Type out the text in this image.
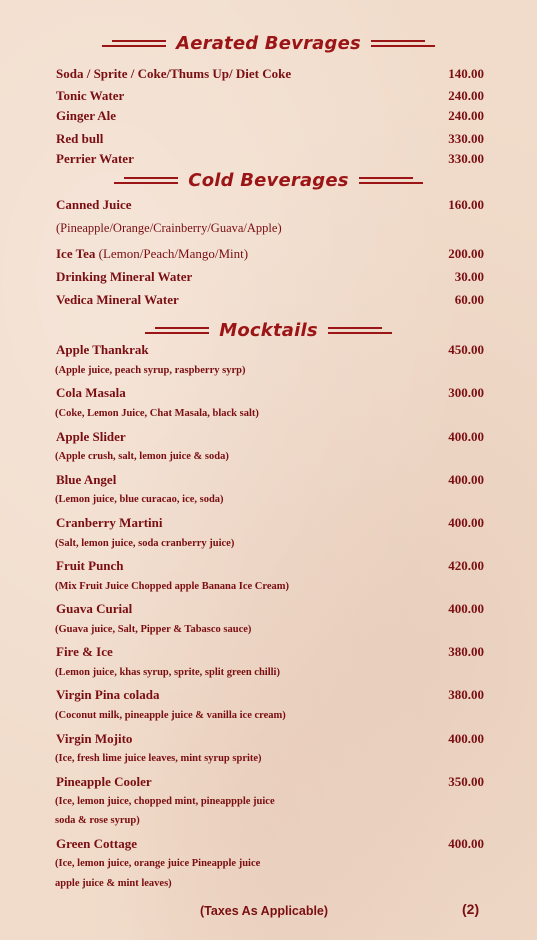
Aerated Bevrages
Soda / Sprite / Coke/Thums Up/ Diet Coke	140.00
Tonic Water	240.00
Ginger Ale	240.00
Red bull	330.00
Perrier Water	330.00
Cold Beverages
Canned Juice	160.00
(Pineapple/Orange/Crainberry/Guava/Apple)
Ice Tea (Lemon/Peach/Mango/Mint)	200.00
Drinking Mineral Water	30.00
Vedica Mineral Water	60.00
Mocktails
Apple Thankrak	450.00
(Apple juice, peach syrup, raspberry syrp)
Cola Masala	300.00
(Coke, Lemon Juice, Chat Masala, black salt)
Apple Slider	400.00
(Apple crush, salt, lemon juice & soda)
Blue Angel	400.00
(Lemon juice, blue curacao, ice, soda)
Cranberry Martini	400.00
(Salt, lemon juice, soda cranberry juice)
Fruit Punch	420.00
(Mix Fruit Juice Chopped apple Banana Ice Cream)
Guava Curial	400.00
(Guava juice, Salt, Pipper & Tabasco sauce)
Fire & Ice	380.00
(Lemon juice, khas syrup, sprite, split green chilli)
Virgin Pina colada	380.00
(Coconut milk, pineapple juice & vanilla ice cream)
Virgin Mojito	400.00
(Ice, fresh lime juice leaves, mint syrup sprite)
Pineapple Cooler	350.00
(Ice, lemon juice, chopped mint, pineappple juice
soda & rose syrup)
Green Cottage	400.00
(Ice, lemon juice, orange juice Pineapple juice
apple juice & mint leaves)
(Taxes As Applicable)	(2)
